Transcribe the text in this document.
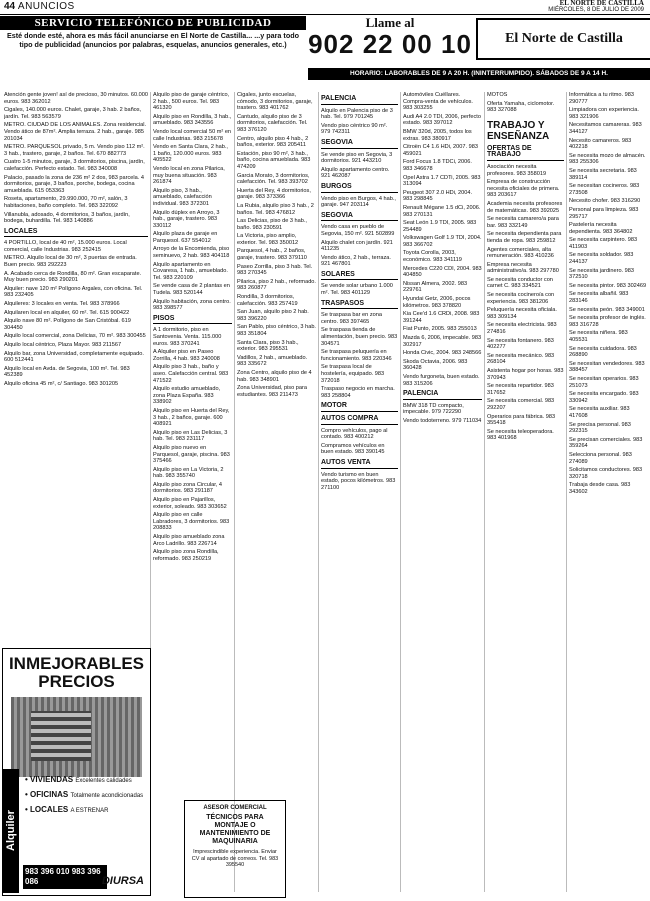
44 ANUNCIOS	EL NORTE DE CASTILLA
MIÉRCOLES, 8 DE JULIO DE 2009
SERVICIO TELEFÓNICO DE PUBLICIDAD
Esté donde esté, ahora es más fácil anunciarse en El Norte de Castilla... ...y para todo tipo de publicidad (anuncios por palabras, esquelas, anuncios generales, etc.)
Llame al
902 22 00 10	El Norte de Castilla
HORARIO: LABORABLES DE 9 A 20 H. (ININTERRUMPIDO). SÁBADOS DE 9 A 14 H.

Atención gente joven! así de precioso, 30 minutos. 60.000 euros. 983 362012

Cigales, 140.000 euros. Chalet, garaje, 3 hab. 2 baños, jardín. Tel. 983 563579

METRO. CIUDAD DE LOS ANIMALES. Zona residencial. Vendo ático de 87m². Amplia terraza. 2 hab., garaje. 985 201034

METRO. PARQUESOL privado, 5 m. Vendo piso 112 m². 3 hab., trastero, garaje, 2 baños. Tel. 670 882773

Cuatro 1-5 minutos, garaje, 3 dormitorios, piscina, jardín, calefacción. Perfecto estado. Tel. 983 340008

Palacio, pasado la zona de 236 m² 2 dos, 983 parcela. 4 dormitorios, garaje, 3 baños, porche, bodega, cocina amueblada. 615 053363

Roseta, apartamento, 29.990.000, 70 m², salón, 3 habitaciones, baño completo. Tel. 983 322092

Villanubla, adosado, 4 dormitorios, 3 baños, jardín, bodega, buhardilla. Tel. 983 140886

LOCALES

4 PORTILLO, local de 40 m², 15.000 euros. Local comercial, calle Industrias. 983 252415

METRO. Alquilo local de 30 m², 3 puertas de entrada. Buen precio. 983 292223

A. Acabado cerca de Rondilla, 80 m². Gran escaparate. Muy buen precio. 983 290201

Alquiler: nave 120 m² Polígono Argales, con oficina. Tel. 983 232405

Alquileres: 3 locales en venta. Tel. 983 378966

Alquilaren local en alquiler, 60 m². Tel. 615 900422

Alquilo nave 80 m². Polígono de San Cristóbal. 619 304450

Alquilo local comercial, zona Delicias, 70 m². 983 300455

Alquilo local céntrico, Plaza Mayor. 983 211567

Alquilo bar, zona Universidad, completamente equipado. 600 512441

Alquilo local en Avda. de Segovia, 100 m². Tel. 983 452389

Alquilo oficina 45 m², c/ Santiago. 983 301205

Alquilo piso de garaje céntrico, 2 hab., 500 euros. Tel. 983 461320

Alquilo piso en Rondilla, 3 hab., amueblado. 983 343556

Vendo local comercial 50 m² en calle Industrias. 983 215678

Vendo en Santa Clara, 2 hab., 1 baño, 120.000 euros. 983 405522

Vendo local en zona Pilarica, muy buena situación. 983 261874

Alquilo piso, 3 hab., amueblado, calefacción individual. 983 372301

Alquilo dúplex en Arroyo, 3 hab., garaje, trastero. 983 330112

Alquilo plaza de garaje en Parquesol. 637 554012

Arroyo de la Encomienda, piso seminuevo, 2 hab. 983 404118

Alquilo apartamento en Covaresa, 1 hab., amueblado. Tel. 983 220109

Se vende casa de 2 plantas en Tudela. 983 520144

Alquilo habitación, zona centro. 983 398577

PISOS

A 1 dormitorio, piso en Santovenia. Venta. 115.000 euros. 983 370241

A Alquiler piso en Paseo Zorrilla, 4 hab. 983 240008

Alquilo piso 3 hab., baño y aseo. Calefacción central. 983 471522

Alquilo estudio amueblado, zona Plaza España. 983 338902

Alquilo piso en Huerta del Rey, 3 hab., 2 baños, garaje. 600 408921

Alquilo piso en Las Delicias, 3 hab. Tel. 983 231117

Alquilo piso nuevo en Parquesol, garaje, piscina. 983 375466

Alquilo piso en La Victoria, 2 hab. 983 355740

Alquilo piso zona Circular, 4 dormitorios. 983 291187

Alquilo piso en Pajarillos, exterior, soleado. 983 303652

Alquilo piso en calle Labradores, 3 dormitorios. 983 208833

Alquilo piso amueblado zona Arco Ladrillo. 983 226714

Alquilo piso zona Rondilla, reformado. 983 250219

Cigales, junto escuelas, cómodo, 3 dormitorios, garaje, trastero. 983 401762

Cantudo, alquilo piso de 3 dormitorios, calefacción. Tel. 983 376120

Centro, alquilo piso 4 hab., 2 baños, exterior. 983 205411

Estación, piso 90 m², 3 hab., baño, cocina amueblada. 983 474209

Garcia Morato, 3 dormitorios, calefacción. Tel. 983 393702

Huerta del Rey, 4 dormitorios, garaje. 983 373366

La Rubia, alquilo piso 3 hab., 2 baños. Tel. 983 476812

Las Delicias, piso de 3 hab., baño. 983 230591

La Victoria, piso amplio, exterior. Tel. 983 350012

Parquesol, 4 hab., 2 baños, garaje, trastero. 983 379110

Paseo Zorrilla, piso 3 hab. Tel. 983 270345

Pilarica, piso 2 hab., reformado. 983 260877

Rondilla, 3 dormitorios, calefacción. 983 257419

San Juan, alquilo piso 2 hab. 983 396220

San Pablo, piso céntrico, 3 hab. 983 351804

Santa Clara, piso 3 hab., exterior. 983 295531

Vadillos, 2 hab., amueblado. 983 335672

Zona Centro, alquilo piso de 4 hab. 983 348901

Zona Universidad, piso para estudiantes. 983 211473

PALENCIA

Alquilo en Palencia piso de 3 hab. Tel. 979 701245

Vendo piso céntrico 90 m². 979 742311

SEGOVIA

Se vende piso en Segovia, 3 dormitorios. 921 443210

Alquilo apartamento centro. 921 462087

BURGOS

Vendo piso en Burgos, 4 hab., garaje. 947 203114

SEGOVIA

Vendo casa en pueblo de Segovia, 150 m². 921 502899

Alquilo chalet con jardín. 921 411235

Vendo ático, 2 hab., terraza. 921 467801

SOLARES

Se vende solar urbano 1.000 m². Tel. 983 401129

TRASPASOS

Se traspasa bar en zona centro. 983 397465

Se traspasa tienda de alimentación, buen precio. 983 304571

Se traspasa peluquería en funcionamiento. 983 220346

Se traspasa local de hostelería, equipado. 983 372018

Traspaso negocio en marcha. 983 258804

MOTOR
AUTOS COMPRA

Compro vehículos, pago al contado. 983 400212

Compramos vehículos en buen estado. 983 390145

AUTOS VENTA

Vendo turismo en buen estado, pocos kilómetros. 983 271100

Automóviles Cuéllares. Compra-venta de vehículos. 983 303255

Audi A4 2.0 TDI, 2006, perfecto estado. 983 397012

BMW 320d, 2005, todos los extras. 983 380917

Citroën C4 1.6 HDi, 2007. 983 459021

Ford Focus 1.8 TDCi, 2006. 983 346678

Opel Astra 1.7 CDTi, 2005. 983 313094

Peugeot 307 2.0 HDi, 2004. 983 298845

Renault Mégane 1.5 dCi, 2006. 983 270131

Seat León 1.9 TDI, 2005. 983 254489

Volkswagen Golf 1.9 TDI, 2004. 983 366702

Toyota Corolla, 2003, económico. 983 341119

Mercedes C220 CDI, 2004. 983 404850

Nissan Almera, 2002. 983 229761

Hyundai Getz, 2006, pocos kilómetros. 983 378820

Kia Cee'd 1.6 CRDi, 2008. 983 391244

Fiat Punto, 2005. 983 255013

Mazda 6, 2006, impecable. 983 302917

Honda Civic, 2004. 983 248566

Skoda Octavia, 2006. 983 360428

Vendo furgoneta, buen estado. 983 315206

PALENCIA

BMW 318 TD compacto, impecable. 979 722290

Vendo todoterreno. 979 711034

MOTOS

Oferta Yamaha, ciclomotor. 983 327088

TRABAJO Y ENSEÑANZA
OFERTAS DE TRABAJO

Asociación necesita profesores. 983 358019

Empresa de construcción necesita oficiales de primera. 983 203617

Academia necesita profesores de matemáticas. 983 392025

Se necesita camarero/a para bar. 983 332149

Se necesita dependienta para tienda de ropa. 983 259812

Agentes comerciales, alta remuneración. 983 410236

Empresa necesita administrativo/a. 983 297780

Se necesita conductor con carnet C. 983 334521

Se necesita cocinero/a con experiencia. 983 381206

Peluquería necesita oficiala. 983 309134

Se necesita electricista. 983 274816

Se necesita fontanero. 983 402277

Se necesita mecánico. 983 268104

Asistenta hogar por horas. 983 370943

Se necesita repartidor. 983 317652

Se necesita comercial. 983 292207

Operarios para fábrica. 983 355418

Se necesita teleoperadora. 983 401968

Informática a tu ritmo. 983 290777

Limpiadora con experiencia. 983 321906

Necesitamos camareras. 983 344127

Necesito camareros. 983 402218

Se necesita mozo de almacén. 983 255306

Se necesita secretaria. 983 389114

Se necesitan cocineros. 983 273508

Necesito chofer. 983 316290

Personal para limpieza. 983 295717

Pastelería necesita dependienta. 983 364802

Se necesita carpintero. 983 411903

Se necesita soldador. 983 244137

Se necesita jardinero. 983 372510

Se necesita pintor. 983 302469

Se necesita albañil. 983 283146

Se necesita peón. 983 349001

Se necesita profesor de inglés. 983 316728

Se necesita niñera. 983 405531

Se necesita cuidadora. 983 268890

Se necesitan vendedores. 983 388457

Se necesitan operarios. 983 251073

Se necesita encargado. 983 330942

Se necesita auxiliar. 983 417608

Se precisa personal. 983 292315

Se precisan comerciales. 983 359264

Selecciona personal. 983 274089

Solicitamos conductores. 983 320718

Trabaja desde casa. 983 343602

INMEJORABLES PRECIOS
Alquiler
• VIVIENDAS Excelentes calidades
• OFICINAS Totalmente acondicionadas
• LOCALES A ESTRENAR
983 396 010 983 396 086	DIURSA
ASESOR COMERCIAL
TÉCNICOS PARA MONTAJE O MANTENIMIENTO DE MAQUINARIA
Imprescindible experiencia. Enviar CV al apartado de correos. Tel. 983 395540
